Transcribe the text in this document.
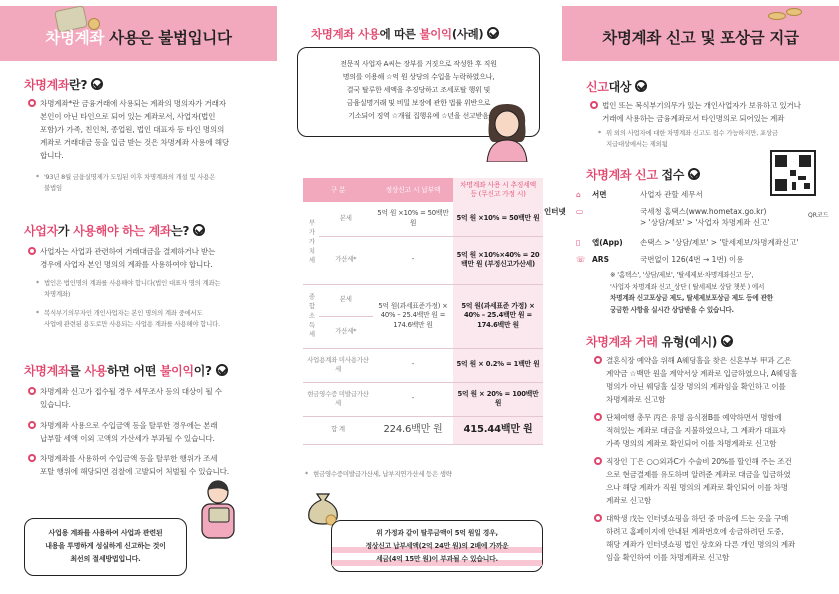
차명계좌 사용은 불법입니다
차명계좌란?
차명계좌*란 금융거래에 사용되는 계좌의 명의자가 거래자
본인이 아닌 타인으로 되어 있는 계좌로서, 사업자(법인
포함)가 가족, 친인척, 종업원, 법인 대표자 등 타인 명의의
계좌로 거래대금 등을 입금 받는 것은 차명계좌 사용에 해당
합니다.
* '93년 8월 금융실명제가 도입된 이후 차명계좌의 개설 및 사용은
불법임
사업자가 사용해야 하는 계좌는?
사업자는 사업과 관련하여 거래대금을 결제하거나 받는
경우에 사업자 본인 명의의 계좌를 사용하여야 합니다.
* 법인은 법인명의 계좌를 사용해야 합니다(법인 대표자 명의 계좌는
차명계좌)
* 복식부기의무자인 개인사업자는 본인 명의의 계좌 중에서도
사업에 관련된 용도로만 사용되는 사업용 계좌를 사용해야 합니다.
차명계좌를 사용하면 어떤 불이익이?
차명계좌 신고가 접수될 경우 세무조사 등의 대상이 될 수
있습니다.
차명계좌 사용으로 수입금액 등을 탈루한 경우에는 본래
납부할 세액 이외 고액의 가산세가 부과될 수 있습니다.
차명계좌를 사용하여 수입금액 등을 탈루한 행위가 조세
포탈 행위에 해당되면 검찰에 고발되어 처벌될 수 있습니다.
사업용 계좌를 사용하여 사업과 관련된
내용을 투명하게 성실하게 신고하는 것이
최선의 절세방법입니다.
차명계좌 사용에 따른 불이익(사례)
전문직 사업자 A씨는 장부를 거짓으로 작성한 후 직원
명의를 이용해 ☆억 원 상당의 수입을 누락하였으나,
결국 탈루한 세액을 추징당하고 조세포탈 행위 및
금융실명거래 및 비밀 보장에 관한 법률 위반으로
기소되어 징역 ☆개월 집행유예 ☆년을 선고받음
구 분		정상신고 시 납부액	차명계좌 사용 시 추징세액 등 (무신고 가정 시)
부가가치세	본세	5억 원 ×10% = 50백만 원	5억 원 ×10% = 50백만 원
	가산세*	-	5억 원 ×10%×40% = 20백만 원 (부정신고가산세)
종합소득세	본세	5억 원(과세표준가정) × 40% – 25.4백만 원 = 174.6백만 원	5억 원(과세표준 가정) × 40% – 25.4백만 원 = 174.6백만 원
	가산세*		
사업용계좌 미사용가산세		-	5억 원 × 0.2% = 1백만 원
현금영수증 미발급가산세		-	5억 원 × 20% = 100백만 원
합 계		224.6백만 원	415.44백만 원
* 현금영수증미발급가산세, 납부지연가산세 등은 생략
위 가정과 같이 탈루금액이 5억 원일 경우,
정상신고 납부세액(2억 24만 원)의 2배에 가까운
세금(4억 15만 원)이 부과될 수 있습니다.
차명계좌 신고 및 포상금 지급
신고대상
법인 또는 복식부기의무가 있는 개인사업자가 보유하고 있거나
거래에 사용하는 금융계좌로서 타인명의로 되어있는 계좌
* 위 외의 사업자에 대한 차명계좌 신고도 접수 가능하지만, 포상금
지급대상에서는 제외됨
차명계좌 신고 접수
QR코드
⌂ 서면	사업자 관할 세무서
▭
인터넷	국세청 홈택스(www.hometax.go.kr) > '상담/제보' > '사업자 차명계좌 신고'
▯ 앱(App) 손택스 > '상담/제보' > '탈세제보/차명계좌신고'
☏ ARS	국번없이 126(4번 → 1번) 이용
※ '홈택스', '상담/제보', '탈세제보·차명계좌신고 등',
'사업자 차명계좌 신고_상단 ( 탈세제보 상담 챗봇 ) 에서
차명계좌 신고포상금 제도, 탈세제보포상금 제도 등에 관한
궁금한 사항을 실시간 상담받을 수 있습니다.
차명계좌 거래 유형(예시)
결혼식장 예약을 위해 A웨딩홀을 찾은 신혼부부 甲과 乙은
계약금 ☆백만 원을 계약서상 계좌로 입금하였으나, A웨딩홀
명의가 아닌 웨딩홀 실장 명의의 계좌임을 확인하고 이를
차명계좌로 신고함
단체여행 총무 丙은 유명 음식점B를 예약하면서 명함에
적혀있는 계좌로 대금을 지불하였으나, 그 계좌가 대표자
가족 명의의 계좌로 확인되어 이를 차명계좌로 신고함
직장인 丁은 ○○외과C가 수술비 20%를 할인해 주는 조건
으로 현금결제를 유도하며 알려준 계좌로 대금을 입금하였
으나 해당 계좌가 직원 명의의 계좌로 확인되어 이를 차명
계좌로 신고함
대학생 戊는 인터넷쇼핑을 하던 중 마음에 드는 옷을 구매
하려고 홈페이지에 안내된 계좌번호에 송금하려던 도중,
해당 계좌가 인터넷쇼핑 법인 상호와 다른 개인 명의의 계좌
임을 확인하여 이를 차명계좌로 신고함
